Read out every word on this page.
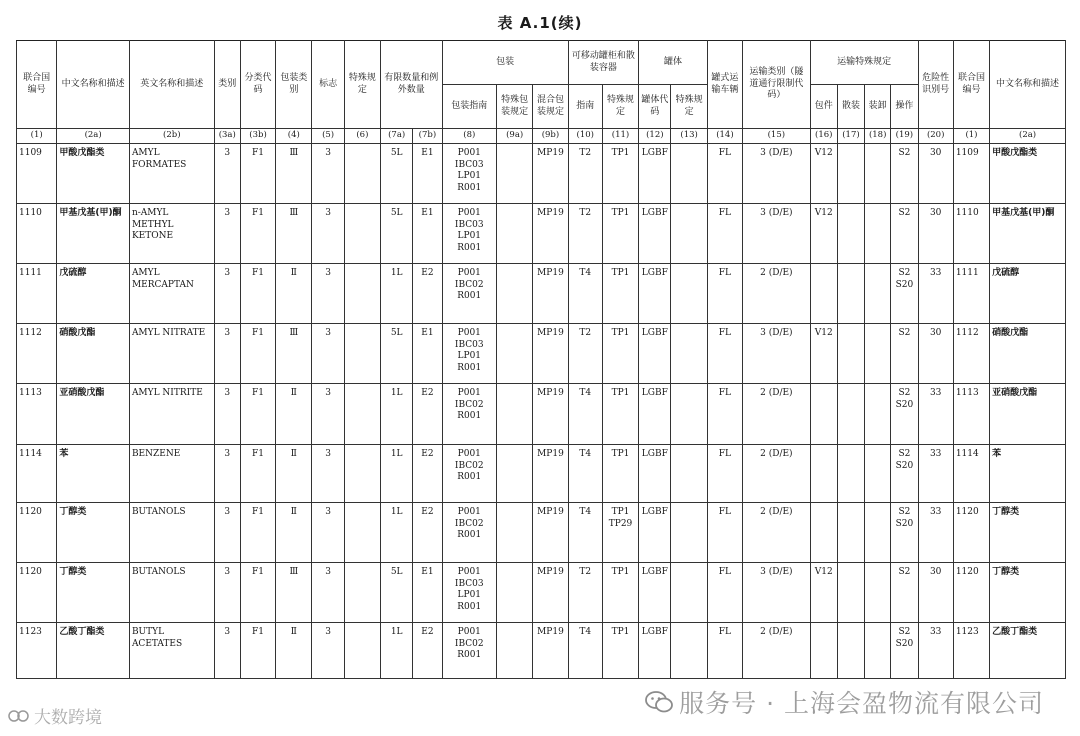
表 A.1(续)
联合国编号	中文名称和描述	英文名称和描述	类别	分类代码	包装类别	标志	特殊规定	有限数量和例外数量		包装			可移动罐柜和散装容器		罐体		罐式运输车辆	运输类别（隧道通行限制代码）	运输特殊规定				危险性识别号	联合国编号	中文名称和描述
										包装指南	特殊包装规定	混合包装规定	指南	特殊规定	罐体代码	特殊规定			包件	散装	装卸	操作			
(1)	(2a)	(2b)	(3a)	(3b)	(4)	(5)	(6)	(7a)	(7b)	(8)	(9a)	(9b)	(10)	(11)	(12)	(13)	(14)	(15)	(16)	(17)	(18)	(19)	(20)	(1)	(2a)
1109	甲酸戊酯类	AMYL FORMATES	3	F1	Ⅲ	3		5L	E1	P001 IBC03 LP01 R001		MP19	T2	TP1	LGBF		FL	3 (D/E)	V12			S2	30	1109	甲酸戊酯类
1110	甲基戊基(甲)酮	n-AMYL METHYL KETONE	3	F1	Ⅲ	3		5L	E1	P001 IBC03 LP01 R001		MP19	T2	TP1	LGBF		FL	3 (D/E)	V12			S2	30	1110	甲基戊基(甲)酮
1111	戊硫醇	AMYL MERCAPTAN	3	F1	Ⅱ	3		1L	E2	P001 IBC02 R001		MP19	T4	TP1	LGBF		FL	2 (D/E)				S2 S20	33	1111	戊硫醇
1112	硝酸戊酯	AMYL NITRATE	3	F1	Ⅲ	3		5L	E1	P001 IBC03 LP01 R001		MP19	T2	TP1	LGBF		FL	3 (D/E)	V12			S2	30	1112	硝酸戊酯
1113	亚硝酸戊酯	AMYL NITRITE	3	F1	Ⅱ	3		1L	E2	P001 IBC02 R001		MP19	T4	TP1	LGBF		FL	2 (D/E)				S2 S20	33	1113	亚硝酸戊酯
1114	苯	BENZENE	3	F1	Ⅱ	3		1L	E2	P001 IBC02 R001		MP19	T4	TP1	LGBF		FL	2 (D/E)				S2 S20	33	1114	苯
1120	丁醇类	BUTANOLS	3	F1	Ⅱ	3		1L	E2	P001 IBC02 R001		MP19	T4	TP1 TP29	LGBF		FL	2 (D/E)				S2 S20	33	1120	丁醇类
1120	丁醇类	BUTANOLS	3	F1	Ⅲ	3		5L	E1	P001 IBC03 LP01 R001		MP19	T2	TP1	LGBF		FL	3 (D/E)	V12			S2	30	1120	丁醇类
1123	乙酸丁酯类	BUTYL ACETATES	3	F1	Ⅱ	3		1L	E2	P001 IBC02 R001		MP19	T4	TP1	LGBF		FL	2 (D/E)				S2 S20	33	1123	乙酸丁酯类
服务号 · 上海会盈物流有限公司
大数跨境
